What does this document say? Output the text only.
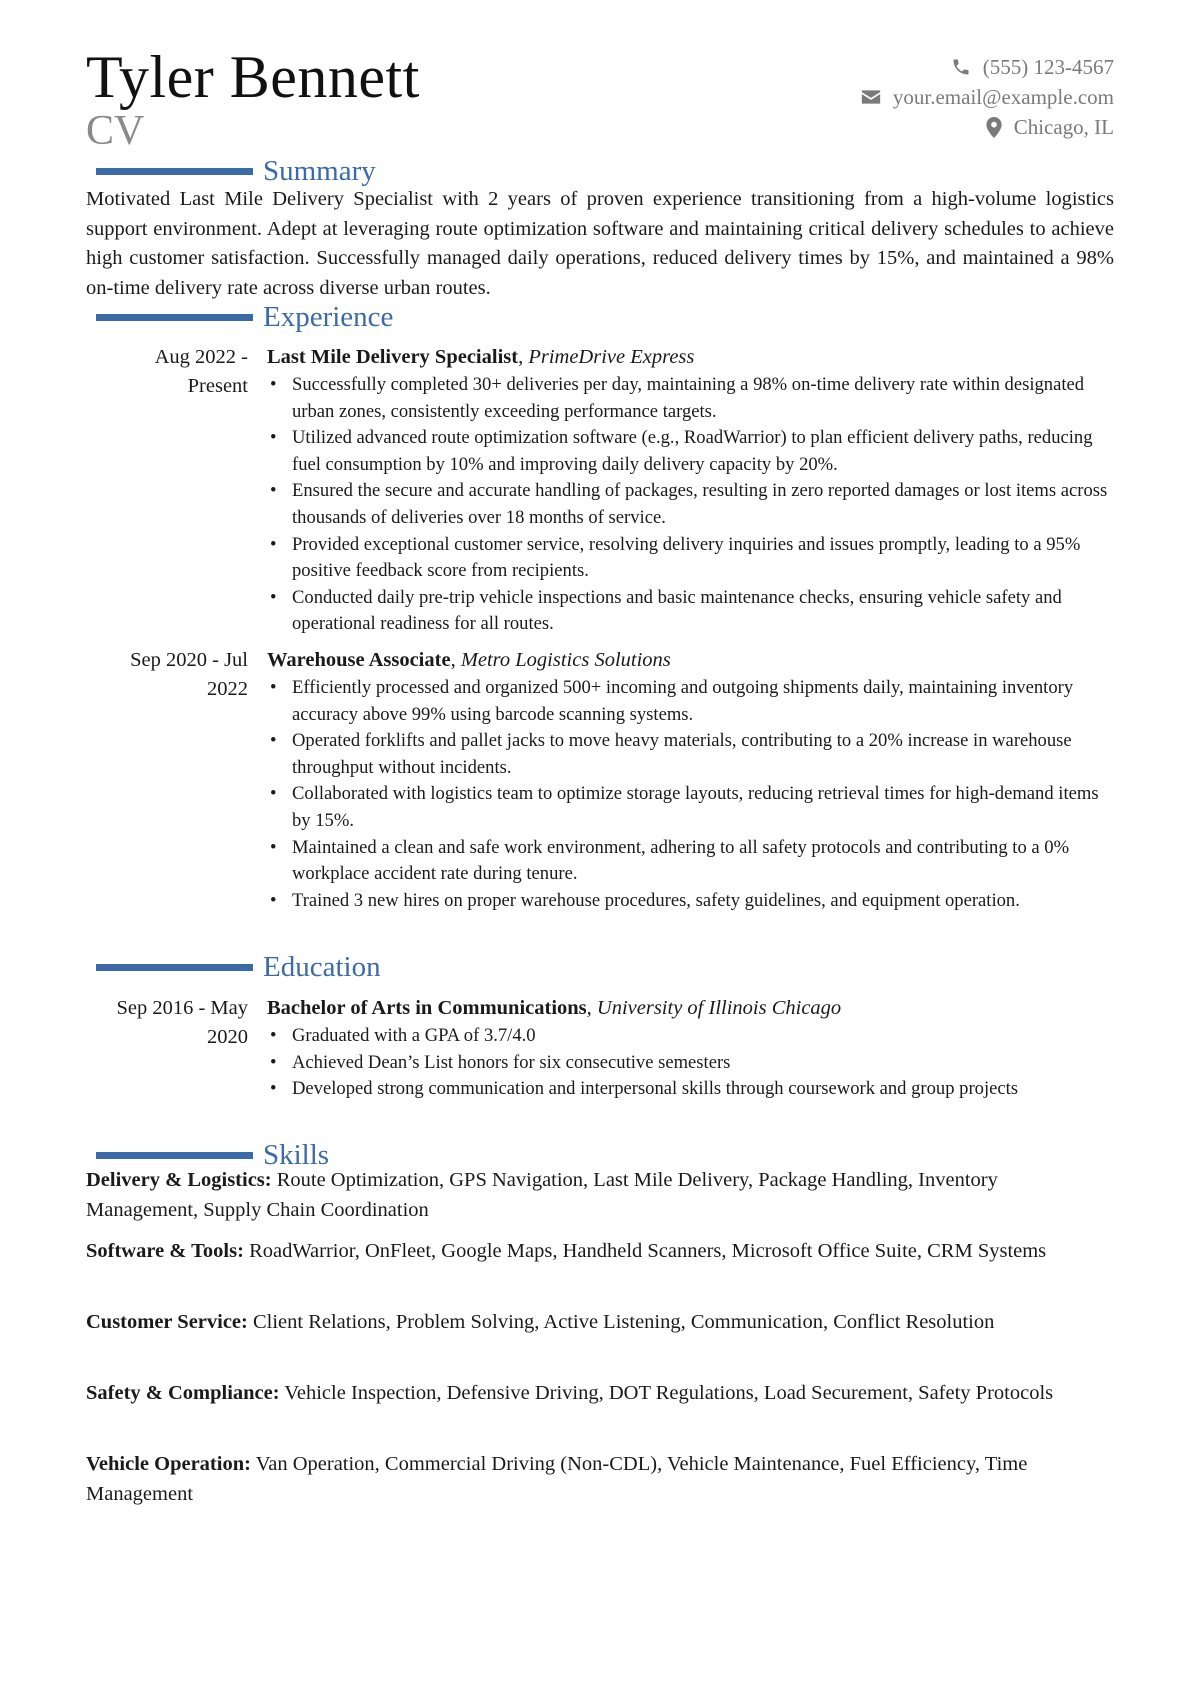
Tyler Bennett
CV
(555) 123-4567
your.email@example.com
Chicago, IL
Summary
Motivated Last Mile Delivery Specialist with 2 years of proven experience transitioning from a high-volume logistics support environment. Adept at leveraging route optimization software and maintaining critical delivery schedules to achieve high customer satisfaction. Successfully managed daily operations, reduced delivery times by 15%, and maintained a 98% on-time delivery rate across diverse urban routes.
Experience
Aug 2022 -
Present
Last Mile Delivery Specialist, PrimeDrive Express
• Successfully completed 30+ deliveries per day, maintaining a 98% on-time delivery rate within designated urban zones, consistently exceeding performance targets.
• Utilized advanced route optimization software (e.g., RoadWarrior) to plan efficient delivery paths, reducing fuel consumption by 10% and improving daily delivery capacity by 20%.
• Ensured the secure and accurate handling of packages, resulting in zero reported damages or lost items across thousands of deliveries over 18 months of service.
• Provided exceptional customer service, resolving delivery inquiries and issues promptly, leading to a 95% positive feedback score from recipients.
• Conducted daily pre-trip vehicle inspections and basic maintenance checks, ensuring vehicle safety and operational readiness for all routes.
Sep 2020 - Jul
2022
Warehouse Associate, Metro Logistics Solutions
• Efficiently processed and organized 500+ incoming and outgoing shipments daily, maintaining inventory accuracy above 99% using barcode scanning systems.
• Operated forklifts and pallet jacks to move heavy materials, contributing to a 20% increase in warehouse throughput without incidents.
• Collaborated with logistics team to optimize storage layouts, reducing retrieval times for high-demand items by 15%.
• Maintained a clean and safe work environment, adhering to all safety protocols and contributing to a 0% workplace accident rate during tenure.
• Trained 3 new hires on proper warehouse procedures, safety guidelines, and equipment operation.
Education
Sep 2016 - May
2020
Bachelor of Arts in Communications, University of Illinois Chicago
• Graduated with a GPA of 3.7/4.0
• Achieved Dean’s List honors for six consecutive semesters
• Developed strong communication and interpersonal skills through coursework and group projects
Skills
Delivery & Logistics: Route Optimization, GPS Navigation, Last Mile Delivery, Package Handling, Inventory Management, Supply Chain Coordination
Software & Tools: RoadWarrior, OnFleet, Google Maps, Handheld Scanners, Microsoft Office Suite, CRM Systems
Customer Service: Client Relations, Problem Solving, Active Listening, Communication, Conflict Resolution
Safety & Compliance: Vehicle Inspection, Defensive Driving, DOT Regulations, Load Securement, Safety Protocols
Vehicle Operation: Van Operation, Commercial Driving (Non-CDL), Vehicle Maintenance, Fuel Efficiency, Time Management
